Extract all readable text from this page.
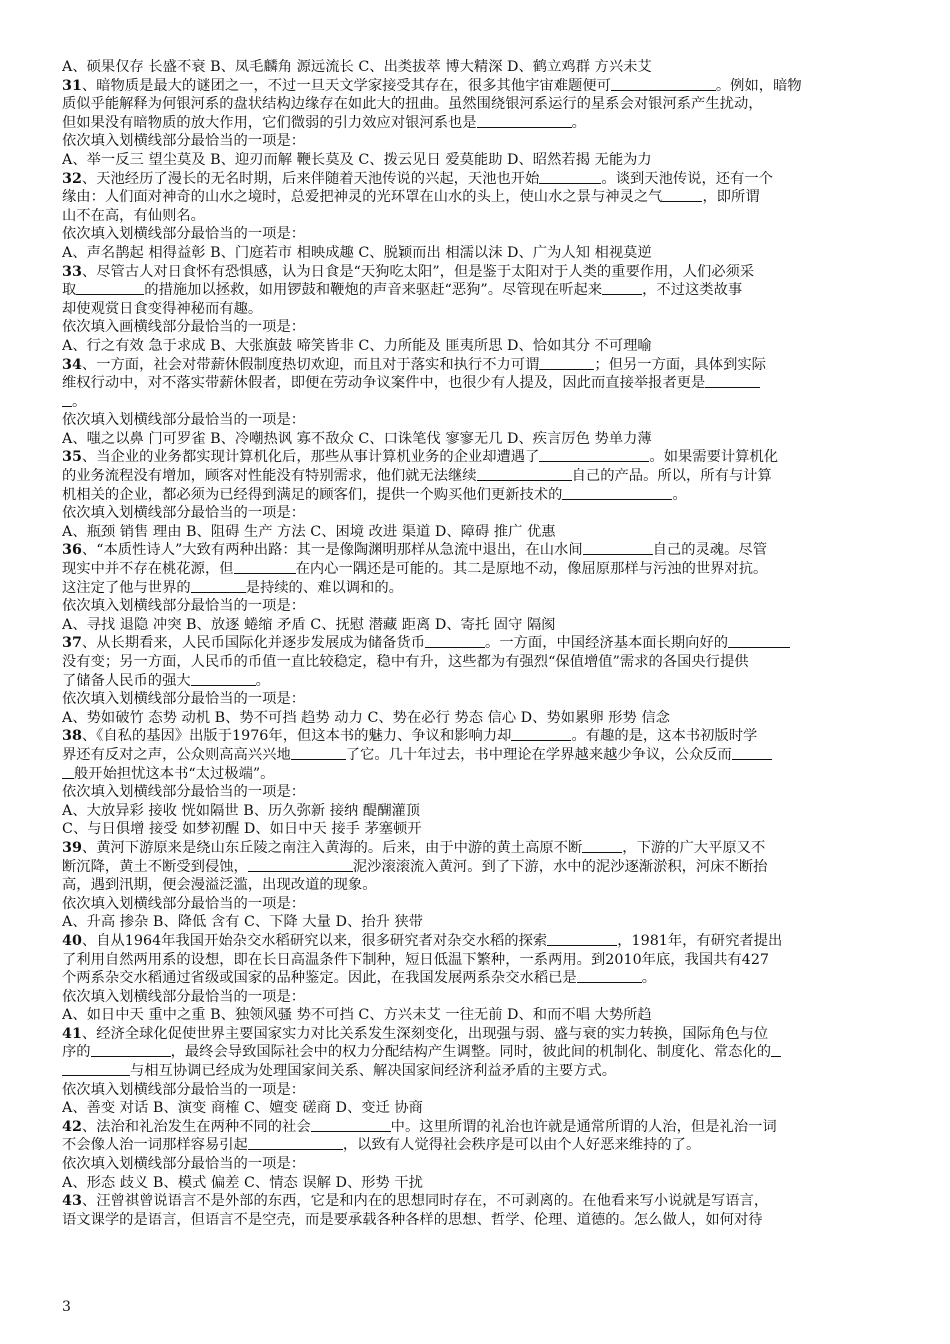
A、硕果仅存 长盛不衰 B、凤毛麟角 源远流长 C、出类拔萃 博大精深 D、鹤立鸡群 方兴未艾
31、暗物质是最大的谜团之一，不过一旦天文学家接受其存在，很多其他宇宙难题便可	。例如，暗物
质似乎能解释为何银河系的盘状结构边缘存在如此大的扭曲。虽然围绕银河系运行的星系会对银河系产生扰动，
但如果没有暗物质的放大作用，它们微弱的引力效应对银河系也是	。
依次填入划横线部分最恰当的一项是：
A、举一反三 望尘莫及 B、迎刃而解 鞭长莫及 C、拨云见日 爱莫能助 D、昭然若揭 无能为力
32、天池经历了漫长的无名时期，后来伴随着天池传说的兴起，天池也开始	。谈到天池传说，还有一个
缘由：人们面对神奇的山水之境时，总爱把神灵的光环罩在山水的头上，使山水之景与神灵之气	，即所谓
山不在高，有仙则名。
依次填入划横线部分最恰当的一项是：
A、声名鹊起 相得益彰 B、门庭若市 相映成趣 C、脱颖而出 相濡以沫 D、广为人知 相视莫逆
33、尽管古人对日食怀有恐惧感，认为日食是“天狗吃太阳”，但是鉴于太阳对于人类的重要作用，人们必须采
取	的措施加以拯救，如用锣鼓和鞭炮的声音来驱赶“恶狗”。尽管现在听起来	，不过这类故事
却使观赏日食变得神秘而有趣。
依次填入画横线部分最恰当的一项是：
A、行之有效 急于求成 B、大张旗鼓 啼笑皆非 C、力所能及 匪夷所思 D、恰如其分 不可理喻
34、一方面，社会对带薪休假制度热切欢迎，而且对于落实和执行不力可谓	；但另一方面，具体到实际
维权行动中，对不落实带薪休假者，即便在劳动争议案件中，也很少有人提及，因此而直接举报者更是
。
依次填入划横线部分最恰当的一项是：
A、嗤之以鼻 门可罗雀 B、冷嘲热讽 寡不敌众 C、口诛笔伐 寥寥无几 D、疾言厉色 势单力薄
35、当企业的业务都实现计算机化后，那些从事计算机业务的企业却遭遇了	。如果需要计算机化
的业务流程没有增加，顾客对性能没有特别需求，他们就无法继续	自己的产品。所以，所有与计算
机相关的企业，都必须为已经得到满足的顾客们，提供一个购买他们更新技术的	。
依次填入划横线部分最恰当的一项是：
A、瓶颈 销售 理由 B、阻碍 生产 方法 C、困境 改进 渠道 D、障碍 推广 优惠
36、“本质性诗人”大致有两种出路：其一是像陶渊明那样从急流中退出，在山水间	自己的灵魂。尽管
现实中并不存在桃花源，但	在内心一隅还是可能的。其二是原地不动，像屈原那样与污浊的世界对抗。
这注定了他与世界的	是持续的、难以调和的。
依次填入划横线部分最恰当的一项是：
A、寻找 退隐 冲突 B、放逐 蜷缩 矛盾 C、抚慰 潜藏 距离 D、寄托 固守 隔阂
37、从长期看来，人民币国际化并逐步发展成为储备货币	。一方面，中国经济基本面长期向好的
没有变；另一方面，人民币的币值一直比较稳定，稳中有升，这些都为有强烈“保值增值”需求的各国央行提供
了储备人民币的强大	。
依次填入划横线部分最恰当的一项是：
A、势如破竹 态势 动机 B、势不可挡 趋势 动力 C、势在必行 势态 信心 D、势如累卵 形势 信念
38、《自私的基因》出版于1976年，但这本书的魅力、争议和影响力却	。有趣的是，这本书初版时学
界还有反对之声，公众则高高兴兴地	了它。几十年过去，书中理论在学界越来越少争议，公众反而
般开始担忧这本书“太过极端”。
依次填入划横线部分最恰当的一项是：
A、大放异彩 接收 恍如隔世 B、历久弥新 接纳 醍醐灌顶
C、与日俱增 接受 如梦初醒 D、如日中天 接手 茅塞顿开
39、黄河下游原来是绕山东丘陵之南注入黄海的。后来，由于中游的黄土高原不断	，下游的广大平原又不
断沉降，黄土不断受到侵蚀，	泥沙滚滚流入黄河。到了下游，水中的泥沙逐渐淤积，河床不断抬
高，遇到汛期，便会漫溢泛滥，出现改道的现象。
依次填入划横线部分最恰当的一项是：
A、升高 掺杂 B、降低 含有 C、下降 大量 D、抬升 狭带
40、自从1964年我国开始杂交水稻研究以来，很多研究者对杂交水稻的探索	，1981年，有研究者提出
了利用自然两用系的设想，即在长日高温条件下制种，短日低温下繁种，一系两用。到2010年底，我国共有427
个两系杂交水稻通过省级或国家的品种鉴定。因此，在我国发展两系杂交水稻已是	。
依次填入划横线部分最恰当的一项是：
A、如日中天 重中之重 B、独领风骚 势不可挡 C、方兴未艾 一往无前 D、和而不唱 大势所趋
41、经济全球化促使世界主要国家实力对比关系发生深刻变化，出现强与弱、盛与衰的实力转换，国际角色与位
序的	，最终会导致国际社会中的权力分配结构产生调整。同时，彼此间的机制化、制度化、常态化的
与相互协调已经成为处理国家间关系、解决国家间经济利益矛盾的主要方式。
依次填入划横线部分最恰当的一项是：
A、善变 对话 B、演变 商榷 C、嬗变 磋商 D、变迁 协商
42、法治和礼治发生在两种不同的社会	中。这里所谓的礼治也许就是通常所谓的人治，但是礼治一词
不会像人治一词那样容易引起	，以致有人觉得社会秩序是可以由个人好恶来维持的了。
依次填入划横线部分最恰当的一项是：
A、形态 歧义 B、模式 偏差 C、情态 误解 D、形势 干扰
43、汪曾祺曾说语言不是外部的东西，它是和内在的思想同时存在，不可剥离的。在他看来写小说就是写语言，
语文课学的是语言，但语言不是空壳，而是要承载各种各样的思想、哲学、伦理、道德的。怎么做人，如何对待
3
